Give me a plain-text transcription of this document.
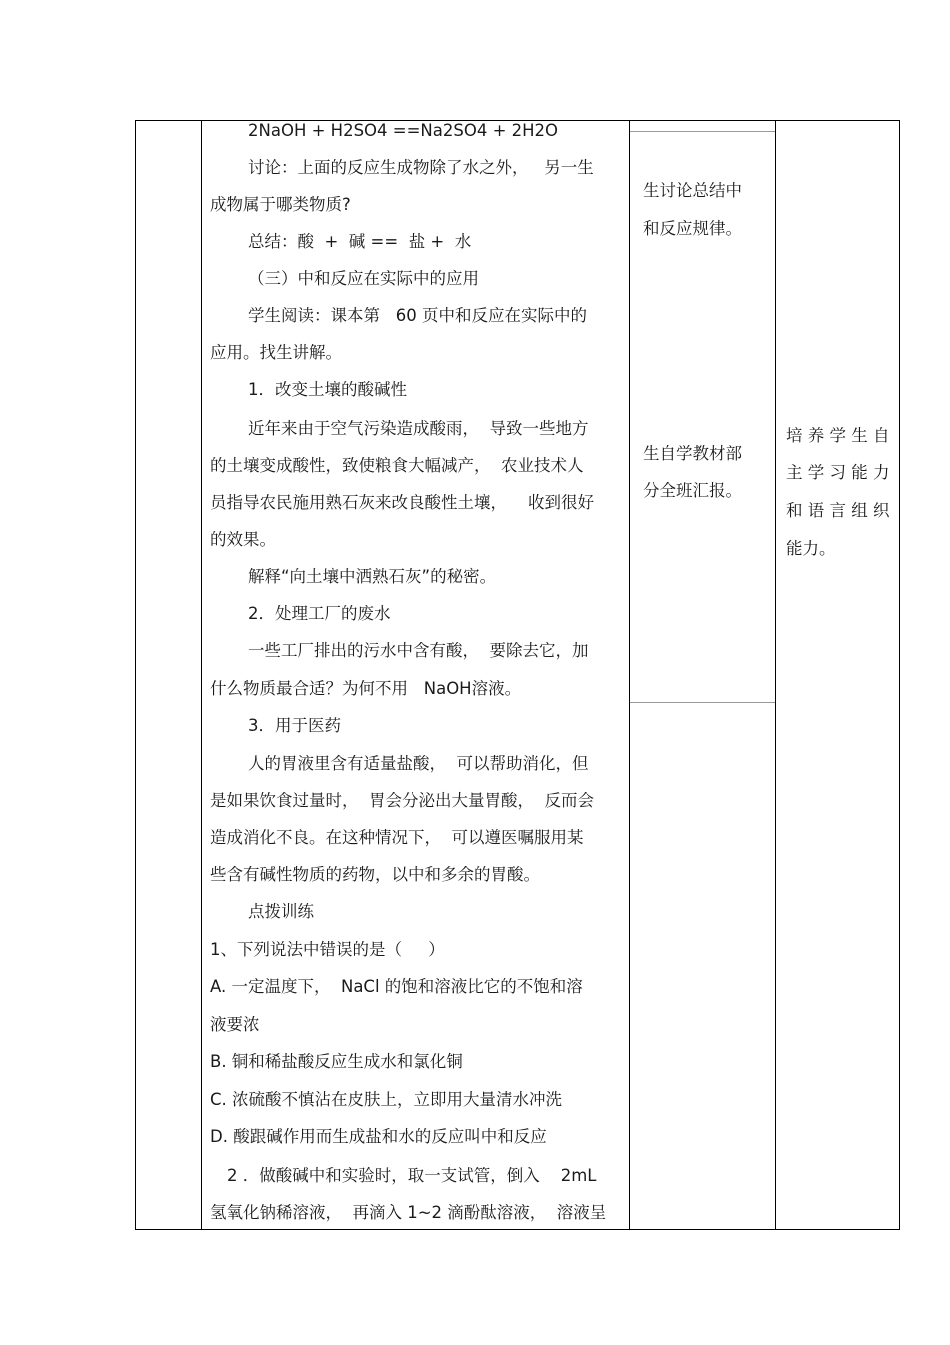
2NaOH + H2SO4 ==Na2SO4 + 2H2O
讨论：上面的反应生成物除了水之外，   另一生
成物属于哪类物质?
总结：酸  +  碱 ==  盐 +  水
（三）中和反应在实际中的应用
学生阅读：课本第   60 页中和反应在实际中的
应用。找生讲解。
1．改变土壤的酸碱性
近年来由于空气污染造成酸雨，  导致一些地方
的土壤变成酸性，致使粮食大幅减产，  农业技术人
员指导农民施用熟石灰来改良酸性土壤，    收到很好
的效果。
解释“向土壤中洒熟石灰”的秘密。
2．处理工厂的废水
一些工厂排出的污水中含有酸，  要除去它，加
什么物质最合适？为何不用   NaOH溶液。
3．用于医药
人的胃液里含有适量盐酸，  可以帮助消化，但
是如果饮食过量时，  胃会分泌出大量胃酸，  反而会
造成消化不良。在这种情况下，  可以遵医嘱服用某
些含有碱性物质的药物，以中和多余的胃酸。
点拨训练
1、下列说法中错误的是（     ）
A. 一定温度下，  NaCl 的饱和溶液比它的不饱和溶
液要浓
B. 铜和稀盐酸反应生成水和氯化铜
C. 浓硫酸不慎沾在皮肤上，立即用大量清水冲洗
D. 酸跟碱作用而生成盐和水的反应叫中和反应
2 ．做酸碱中和实验时，取一支试管，倒入    2mL
氢氧化钠稀溶液，  再滴入 1~2 滴酚酞溶液，  溶液呈
生讨论总结中
和反应规律。
生自学教材部
分全班汇报。
培 养 学 生 自
主 学 习 能 力
和 语 言 组 织
能力。
